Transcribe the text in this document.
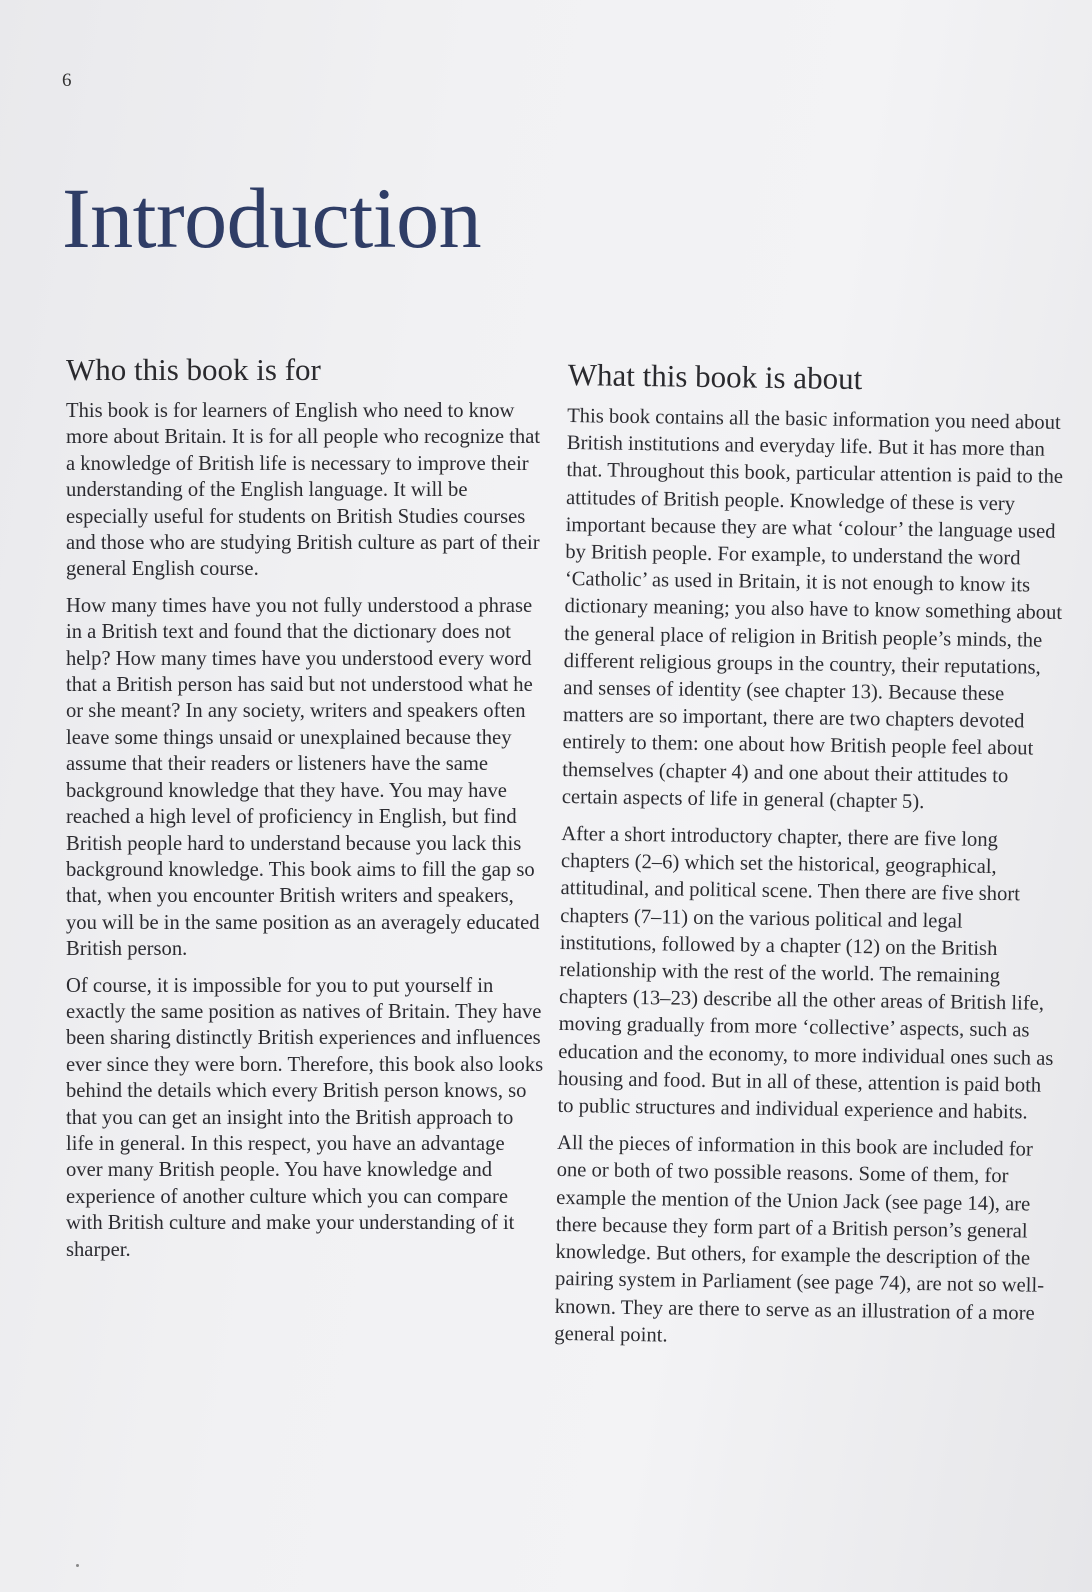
6
Introduction
Who this book is for

This book is for learners of English who need to know more about Britain. It is for all people who recognize that a knowledge of British life is necessary to improve their understanding of the English language. It will be especially useful for students on British Studies courses and those who are studying British culture as part of their general English course.

How many times have you not fully understood a phrase in a British text and found that the dictionary does not help? How many times have you understood every word that a British person has said but not understood what he or she meant? In any society, writers and speakers often leave some things unsaid or unexplained because they assume that their readers or listeners have the same background knowledge that they have. You may have reached a high level of proficiency in English, but find British people hard to understand because you lack this background knowledge. This book aims to fill the gap so that, when you encounter British writers and speakers, you will be in the same position as an averagely educated British person.

Of course, it is impossible for you to put yourself in exactly the same position as natives of Britain. They have been sharing distinctly British experiences and influences ever since they were born. Therefore, this book also looks behind the details which every British person knows, so that you can get an insight into the British approach to life in general. In this respect, you have an advantage over many British people. You have knowledge and experience of another culture which you can compare with British culture and make your understanding of it sharper.

What this book is about

This book contains all the basic information you need about British institutions and everyday life. But it has more than that. Throughout this book, particular attention is paid to the attitudes of British people. Knowledge of these is very important because they are what ‘colour’ the language used by British people. For example, to understand the word ‘Catholic’ as used in Britain, it is not enough to know its dictionary meaning; you also have to know something about the general place of religion in British people’s minds, the different religious groups in the country, their reputations, and senses of identity (see chapter 13). Because these matters are so important, there are two chapters devoted entirely to them: one about how British people feel about themselves (chapter 4) and one about their attitudes to certain aspects of life in general (chapter 5).

After a short introductory chapter, there are five long chapters (2–6) which set the historical, geographical, attitudinal, and political scene. Then there are five short chapters (7–11) on the various political and legal institutions, followed by a chapter (12) on the British relationship with the rest of the world. The remaining chapters (13–23) describe all the other areas of British life, moving gradually from more ‘collective’ aspects, such as education and the economy, to more individual ones such as housing and food. But in all of these, attention is paid both to public structures and individual experience and habits.

All the pieces of information in this book are included for one or both of two possible reasons. Some of them, for example the mention of the Union Jack (see page 14), are there because they form part of a British person’s general knowledge. But others, for example the description of the pairing system in Parliament (see page 74), are not so well-known. They are there to serve as an illustration of a more general point.
